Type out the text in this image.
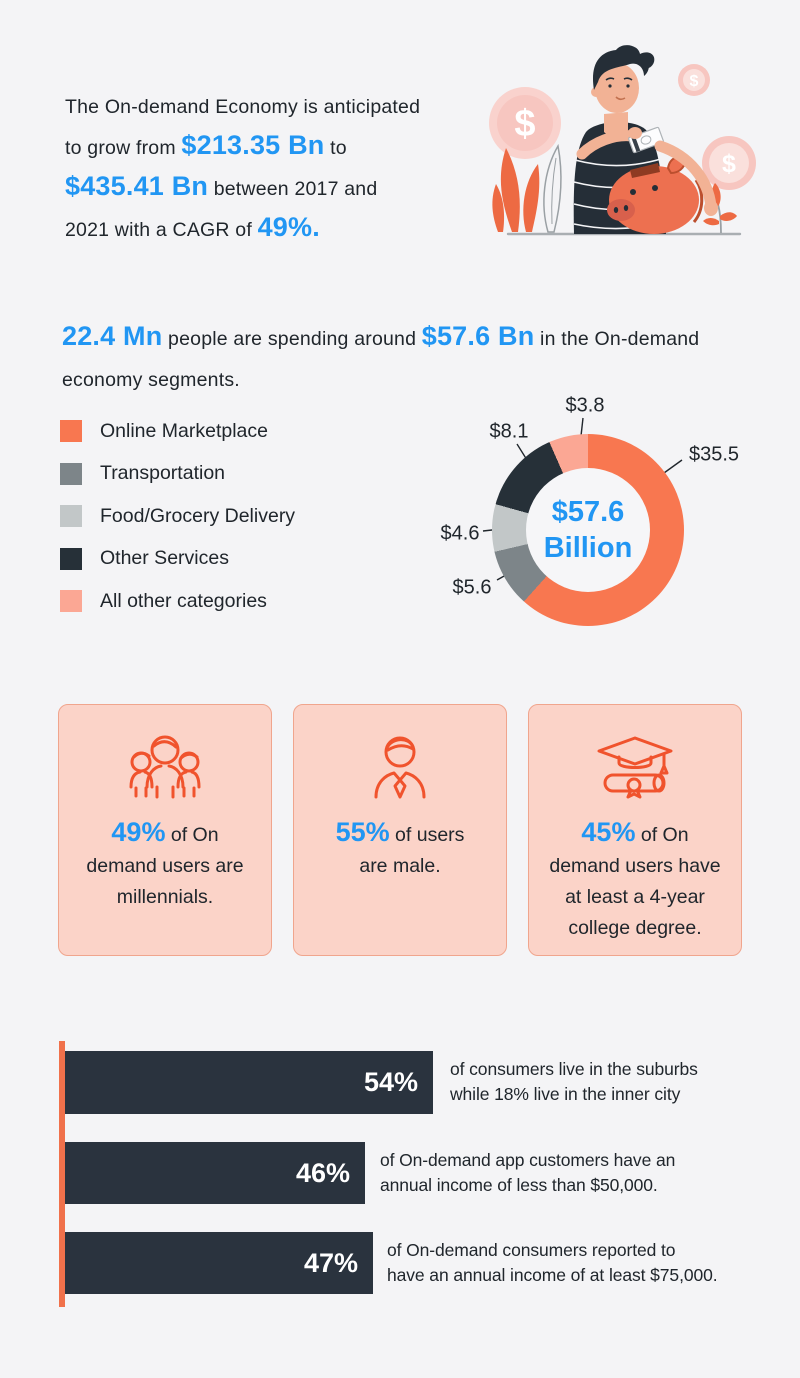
The On-demand Economy is anticipated
to grow from $213.35 Bn to
$435.41 Bn between 2017 and
2021 with a CAGR of 49%.
$
$
$
22.4 Mn people are spending around $57.6 Bn in the On-demand
economy segments.
Online Marketplace
Transportation
Food/Grocery Delivery
Other Services
All other categories
$57.6
Billion
$35.5
$5.6
$4.6
$8.1
$3.8
49% of On
demand users are
millennials.
55% of users
are male.
45% of On
demand users have
at least a 4-year
college degree.
54% of consumers live in the suburbs
while 18% live in the inner city
46% of On-demand app customers have an
annual income of less than $50,000.
47% of On-demand consumers reported to
have an annual income of at least $75,000.
